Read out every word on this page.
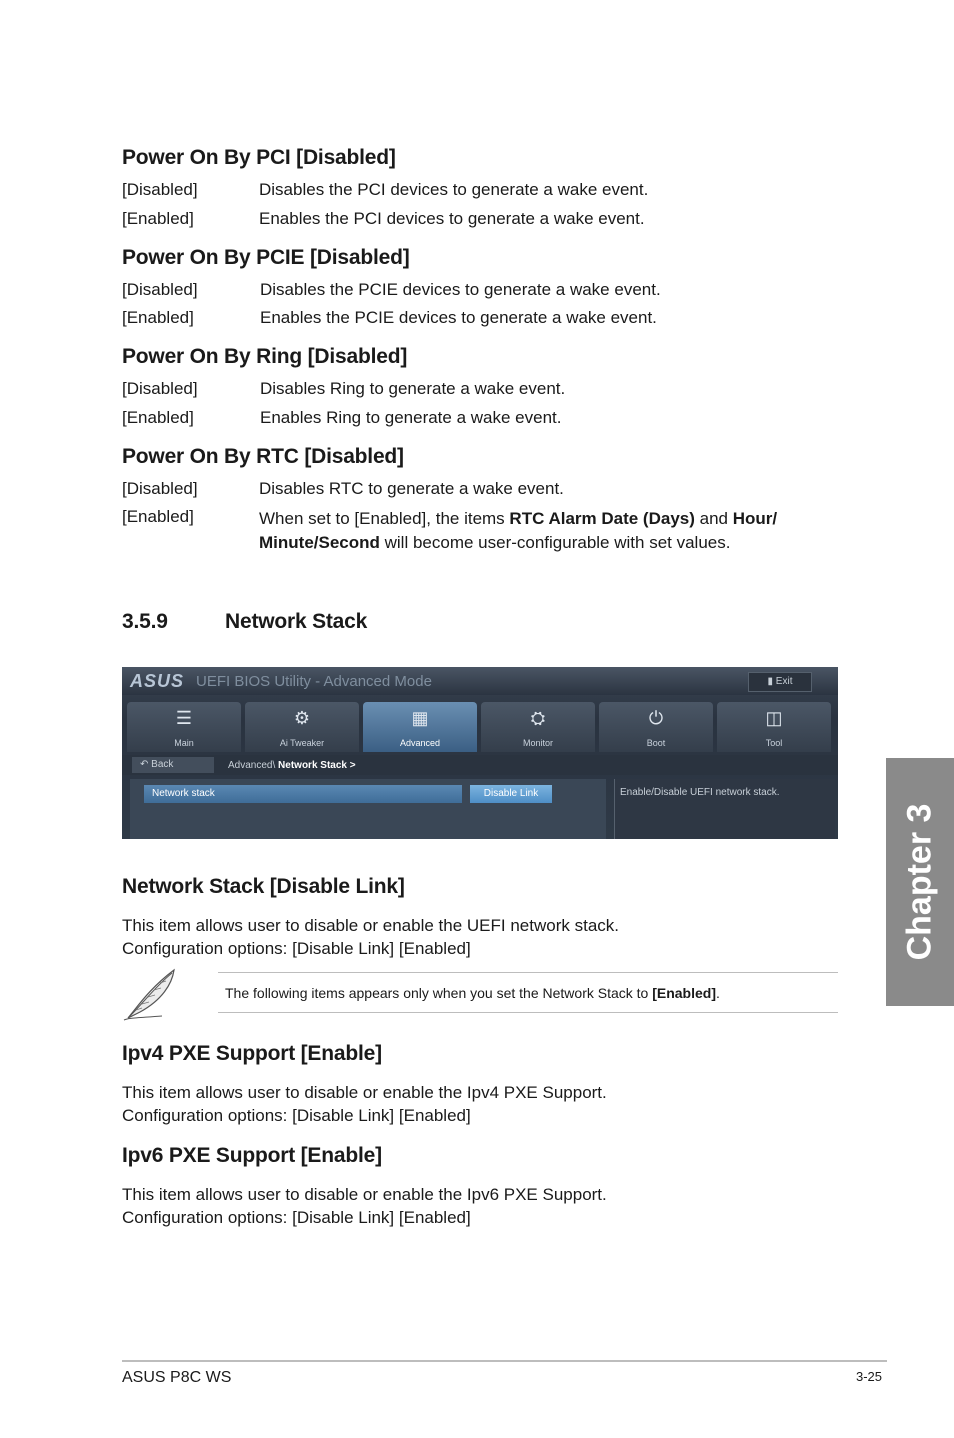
Power On By PCI [Disabled]
[Disabled]	Disables the PCI devices to generate a wake event.
[Enabled]	Enables the PCI devices to generate a wake event.
Power On By PCIE [Disabled]
[Disabled]	Disables the PCIE devices to generate a wake event.
[Enabled]	Enables the PCIE devices to generate a wake event.
Power On By Ring [Disabled]
[Disabled]	Disables Ring to generate a wake event.
[Enabled]	Enables Ring to generate a wake event.
Power On By RTC [Disabled]
[Disabled]	Disables RTC to generate a wake event.
[Enabled]	When set to [Enabled], the items RTC Alarm Date (Days) and Hour/
Minute/Second will become user-configurable with set values.
3.5.9	Network Stack
ASUS UEFI BIOS Utility - Advanced Mode	▮ Exit
☰
Main
⚙
Ai Tweaker
▦
Advanced
⛭
Monitor
⏻
Boot
◫
Tool
↶ Back	Advanced\ Network Stack >
Network stack	Disable Link	Enable/Disable UEFI network stack.
Network Stack [Disable Link]
This item allows user to disable or enable the UEFI network stack.
Configuration options: [Disable Link] [Enabled]
The following items appears only when you set the Network Stack to [Enabled].
Ipv4 PXE Support [Enable]
This item allows user to disable or enable the Ipv4 PXE Support.
Configuration options: [Disable Link] [Enabled]
Ipv6 PXE Support [Enable]
This item allows user to disable or enable the Ipv6 PXE Support.
Configuration options: [Disable Link] [Enabled]
Chapter 3
ASUS P8C WS	3-25
